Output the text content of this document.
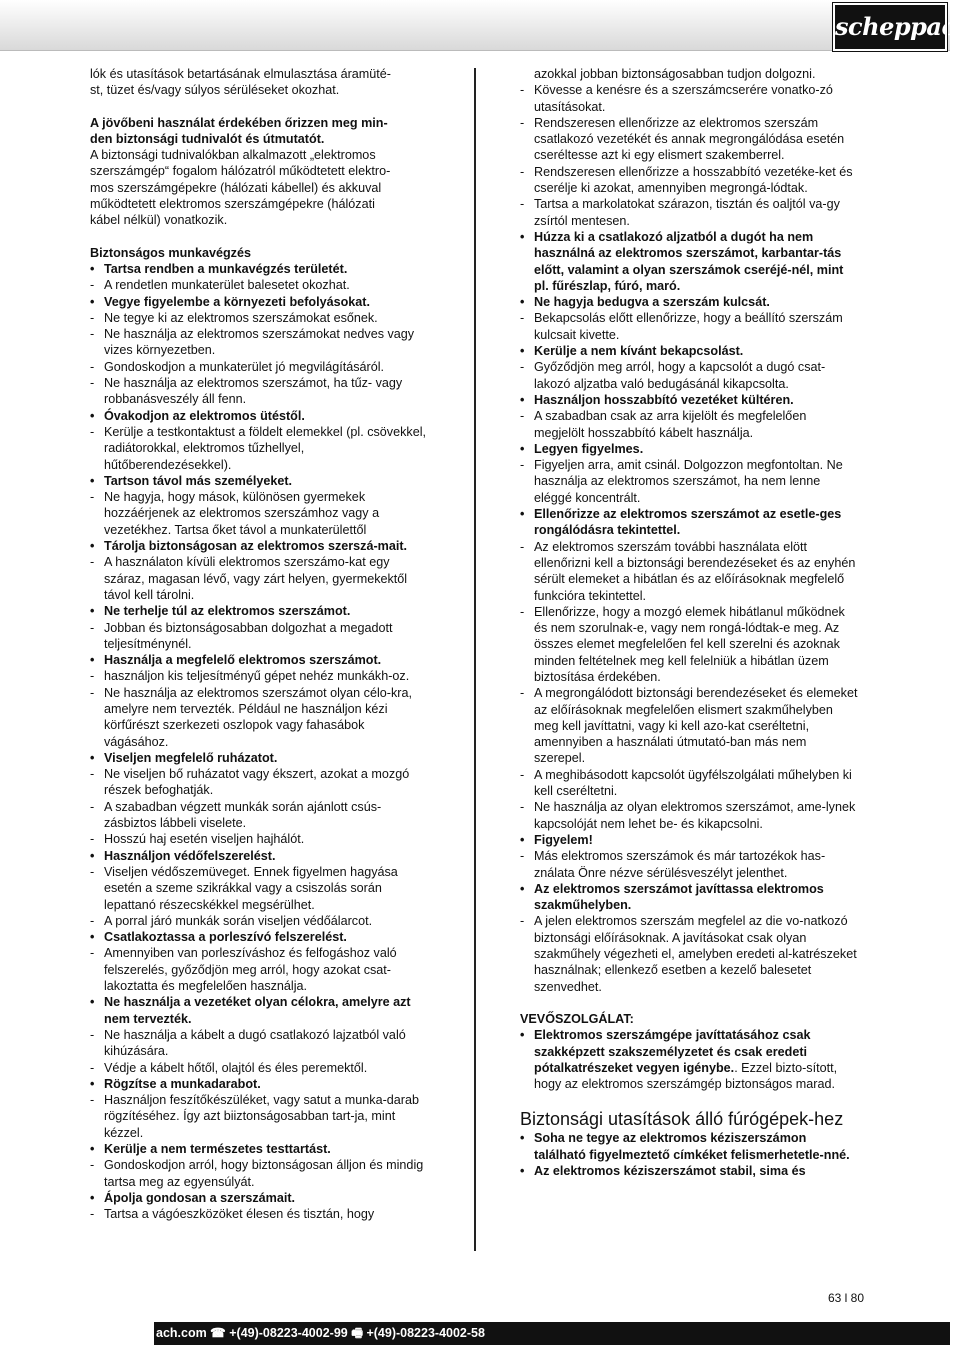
scheppach

lók és utasítások betartásának elmulasztása áramüté-

st, tüzet és/vagy súlyos sérüléseket okozhat.

A jövőbeni használat érdekében őrizzen meg min-

den biztonsági tudnivalót és útmutatót.

A biztonsági tudnivalókban alkalmazott „elektromos

szerszámgép“ fogalom hálózatról működtetett elektro-

mos szerszámgépekre (hálózati kábellel) és akkuval

működtetett elektromos szerszámgépekre (hálózati

kábel nélkül) vonatkozik.

Biztonságos munkavégzés

• Tartsa rendben a munkavégzés területét.
- A rendetlen munkaterület balesetet okozhat.
• Vegye figyelembe a környezeti befolyásokat.
- Ne tegye ki az elektromos szerszámokat esőnek.
- Ne használja az elektromos szerszámokat nedves vagy vizes környezetben.
- Gondoskodjon a munkaterület jó megvilágításáról.
- Ne használja az elektromos szerszámot, ha tűz- vagy robbanásveszély áll fenn.
• Óvakodjon az elektromos ütéstől.
- Kerülje a testkontaktust a földelt elemekkel (pl. csövekkel, radiátorokkal, elektromos tűzhellyel, hűtőberendezésekkel).
• Tartson távol más személyeket.
- Ne hagyja, hogy mások, különösen gyermekek hozzáérjenek az elektromos szerszámhoz vagy a vezetékhez. Tartsa őket távol a munkaterülettől
• Tárolja biztonságosan az elektromos szerszá-mait.
- A használaton kívüli elektromos szerszámo-kat egy száraz, magasan lévő, vagy zárt helyen, gyermekektől távol kell tárolni.
• Ne terhelje túl az elektromos szerszámot.
- Jobban és biztonságosabban dolgozhat a megadott teljesítménynél.
• Használja a megfelelő elektromos szerszámot.
- használjon kis teljesítményű gépet nehéz munkákh-oz.
- Ne használja az elektromos szerszámot olyan célo-kra, amelyre nem tervezték. Például ne használjon kézi körfűrészt szerkezeti oszlopok vagy fahasábok vágásához.
• Viseljen megfelelő ruházatot.
- Ne viseljen bő ruházatot vagy ékszert, azokat a mozgó részek befoghatják.
- A szabadban végzett munkák során ajánlott csús-zásbiztos lábbeli viselete.
- Hosszú haj esetén viseljen hajhálót.
• Használjon védőfelszerelést.
- Viseljen védőszemüveget. Ennek figyelmen hagyása esetén a szeme szikrákkal vagy a csiszolás során lepattanó részecskékkel megsérülhet.
- A porral járó munkák során viseljen védőálarcot.
• Csatlakoztassa a porleszívó felszerelést.
- Amennyiben van porleszíváshoz és felfogáshoz való felszerelés, győződjön meg arról, hogy azokat csat-lakoztatta és megfelelően használja.
• Ne használja a vezetéket olyan célokra, amelyre azt nem tervezték.
- Ne használja a kábelt a dugó csatlakozó lajzatból való kihúzására.
- Védje a kábelt hőtől, olajtól és éles peremektől.
• Rögzítse a munkadarabot.
- Használjon feszítőkészüléket, vagy satut a munka-darab rögzítéséhez. Így azt biiztonságosabban tart-ja, mint kézzel.
• Kerülje a nem természetes testtartást.
- Gondoskodjon arról, hogy biztonságosan álljon és mindig tartsa meg az egyensúlyát.
• Ápolja gondosan a szerszámait.
- Tartsa a vágóeszközöket élesen és tisztán, hogy

azokkal jobban biztonságosabban tudjon dolgozni.

- Kövesse a kenésre és a szerszámcserére vonatko-zó utasításokat.
- Rendszeresen ellenőrizze az elektromos szerszám csatlakozó vezetékét és annak megrongálódása esetén cseréltesse azt ki egy elismert szakemberrel.
- Rendszeresen ellenőrizze a hosszabbító vezetéke-ket és cserélje ki azokat, amennyiben megrongá-lódtak.
- Tartsa a markolatokat szárazon, tisztán és oaljtól va-gy zsírtól mentesen.
• Húzza ki a csatlakozó aljzatból a dugót ha nem használná az elektromos szerszámot, karbantar-tás előtt, valamint a olyan szerszámok cseréjé-nél, mint pl. fűrészlap, fúró, maró.
• Ne hagyja bedugva a szerszám kulcsát.
- Bekapcsolás előtt ellenőrizze, hogy a beállító szerszám kulcsait kivette.
• Kerülje a nem kívánt bekapcsolást.
- Győződjön meg arról, hogy a kapcsolót a dugó csat-lakozó aljzatba való bedugásánál kikapcsolta.
• Használjon hosszabbító vezetéket kültéren.
- A szabadban csak az arra kijelölt és megfelelően megjelölt hosszabbító kábelt használja.
• Legyen figyelmes.
- Figyeljen arra, amit csinál. Dolgozzon megfontoltan. Ne használja az elektromos szerszámot, ha nem lenne eléggé koncentrált.
• Ellenőrizze az elektromos szerszámot az esetle-ges rongálódásra tekintettel.
- Az elektromos szerszám további használata elött ellenőrizni kell a biztonsági berendezéseket és az enyhén sérült elemeket a hibátlan és az előírásoknak megfelelő funkcióra tekintettel.
- Ellenőrizze, hogy a mozgó elemek hibátlanul működnek és nem szorulnak-e, vagy nem rongá-lódtak-e meg. Az összes elemet megfelelően fel kell szerelni és azoknak minden feltételnek meg kell felelniük a hibátlan üzem biztosítása érdekében.
- A megrongálódott biztonsági berendezéseket és elemeket az előírásoknak megfelelően elismert szakműhelyben meg kell javíttatni, vagy ki kell azo-kat cseréltetni, amennyiben a használati útmutató-ban más nem szerepel.
- A meghibásodott kapcsolót ügyfélszolgálati műhelyben ki kell cseréltetni.
- Ne használja az olyan elektromos szerszámot, ame-lynek kapcsolóját nem lehet be- és kikapcsolni.
• Figyelem!
- Más elektromos szerszámok és már tartozékok has-ználata Önre nézve sérülésveszélyt jelenthet.
• Az elektromos szerszámot javíttassa elektromos szakműhelyben.
- A jelen elektromos szerszám megfelel az die vo-natkozó biztonsági előírásoknak. A javításokat csak olyan szakműhely végezheti el, amelyben eredeti al-katrészeket használnak; ellenkező esetben a kezelő balesetet szenvedhet.

VEVŐSZOLGÁLAT:

• Elektromos szerszámgépe javíttatásához csak szakképzett szakszemélyzetet és csak eredeti pótalkatrészeket vegyen igénybe.. Ezzel bizto-sított, hogy az elektromos szerszámgép biztonságos marad.
Biztonsági utasítások álló fúrógépek-hez
• Soha ne tegye az elektromos kéziszerszámon található figyelmeztető címkéket felismerhetetle-nné.
• Az elektromos kéziszerszámot stabil, sima és
63 l 80
ach.com ☎ +(49)-08223-4002-99 🖷 +(49)-08223-4002-58
